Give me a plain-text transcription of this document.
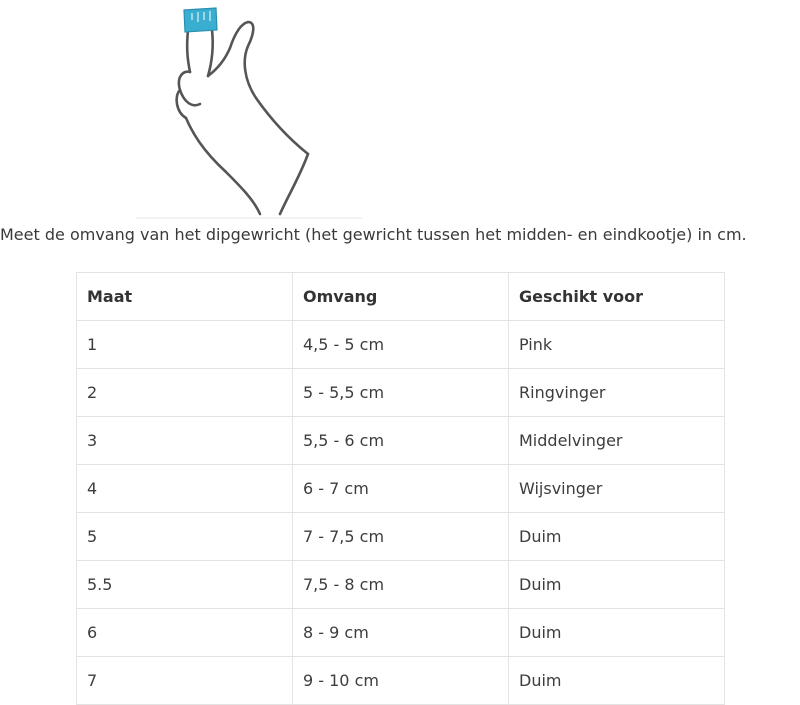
Meet de omvang van het dipgewricht (het gewricht tussen het midden- en eindkootje) in cm.
Maat	Omvang	Geschikt voor
1	4,5 - 5 cm	Pink
2	5 - 5,5 cm	Ringvinger
3	5,5 - 6 cm	Middelvinger
4	6 - 7 cm	Wijsvinger
5	7 - 7,5 cm	Duim
5.5	7,5 - 8 cm	Duim
6	8 - 9 cm	Duim
7	9 - 10 cm	Duim
